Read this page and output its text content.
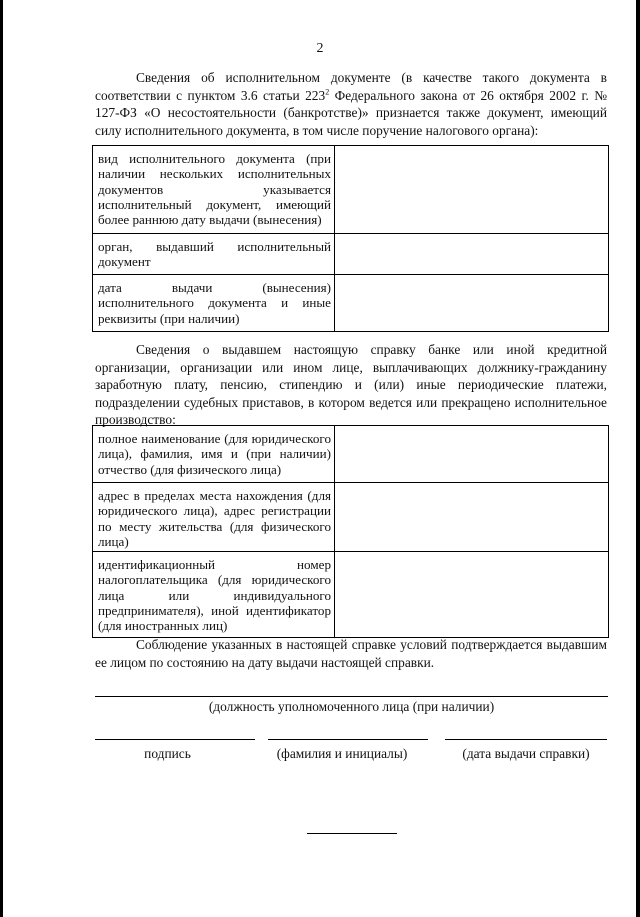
2

Сведения об исполнительном документе (в качестве такого документа в соответствии с пунктом 3.6 статьи $223^2$ Федерального закона от 26 октября 2002 г. № 127-ФЗ «О несостоятельности (банкротстве)» признается также документ, имеющий силу исполнительного документа, в том числе поручение налогового органа):

вид исполнительного документа (при наличии нескольких исполнительных документов указывается исполнительный документ, имеющий более раннюю дату выдачи (вынесения)	

орган, выдавший исполнительный документ	

дата выдачи (вынесения) исполнительного документа и иные реквизиты (при наличии)	

Сведения о выдавшем настоящую справку банке или иной кредитной организации, организации или ином лице, выплачивающих должнику-гражданину заработную плату, пенсию, стипендию и (или) иные периодические платежи, подразделении судебных приставов, в котором ведется или прекращено исполнительное производство:

полное наименование (для юридического лица), фамилия, имя и (при наличии) отчество (для физического лица)	

адрес в пределах места нахождения (для юридического лица), адрес регистрации по месту жительства (для физического лица)	

идентификационный номер налогоплательщика (для юридического лица или индивидуального предпринимателя), иной идентификатор (для иностранных лиц)	

Соблюдение указанных в настоящей справке условий подтверждается выдавшим ее лицом по состоянию на дату выдачи настоящей справки.

(должность уполномоченного лица (при наличии)
подпись	(фамилия и инициалы)	(дата выдачи справки)
